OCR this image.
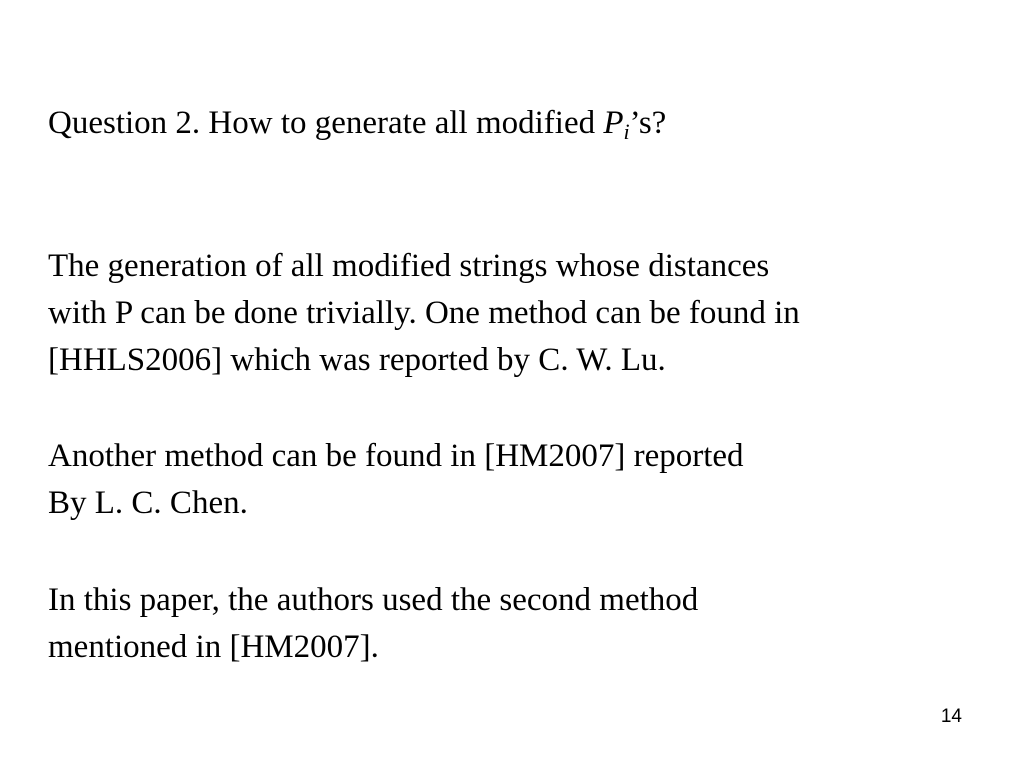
Question 2. How to generate all modified $P_i’s$?

The generation of all modified strings whose distances
with P can be done trivially. One method can be found in
[HHLS2006] which was reported by C. W. Lu.

Another method can be found in [HM2007] reported
By L. C. Chen.

In this paper, the authors used the second method
mentioned in [HM2007].

14
